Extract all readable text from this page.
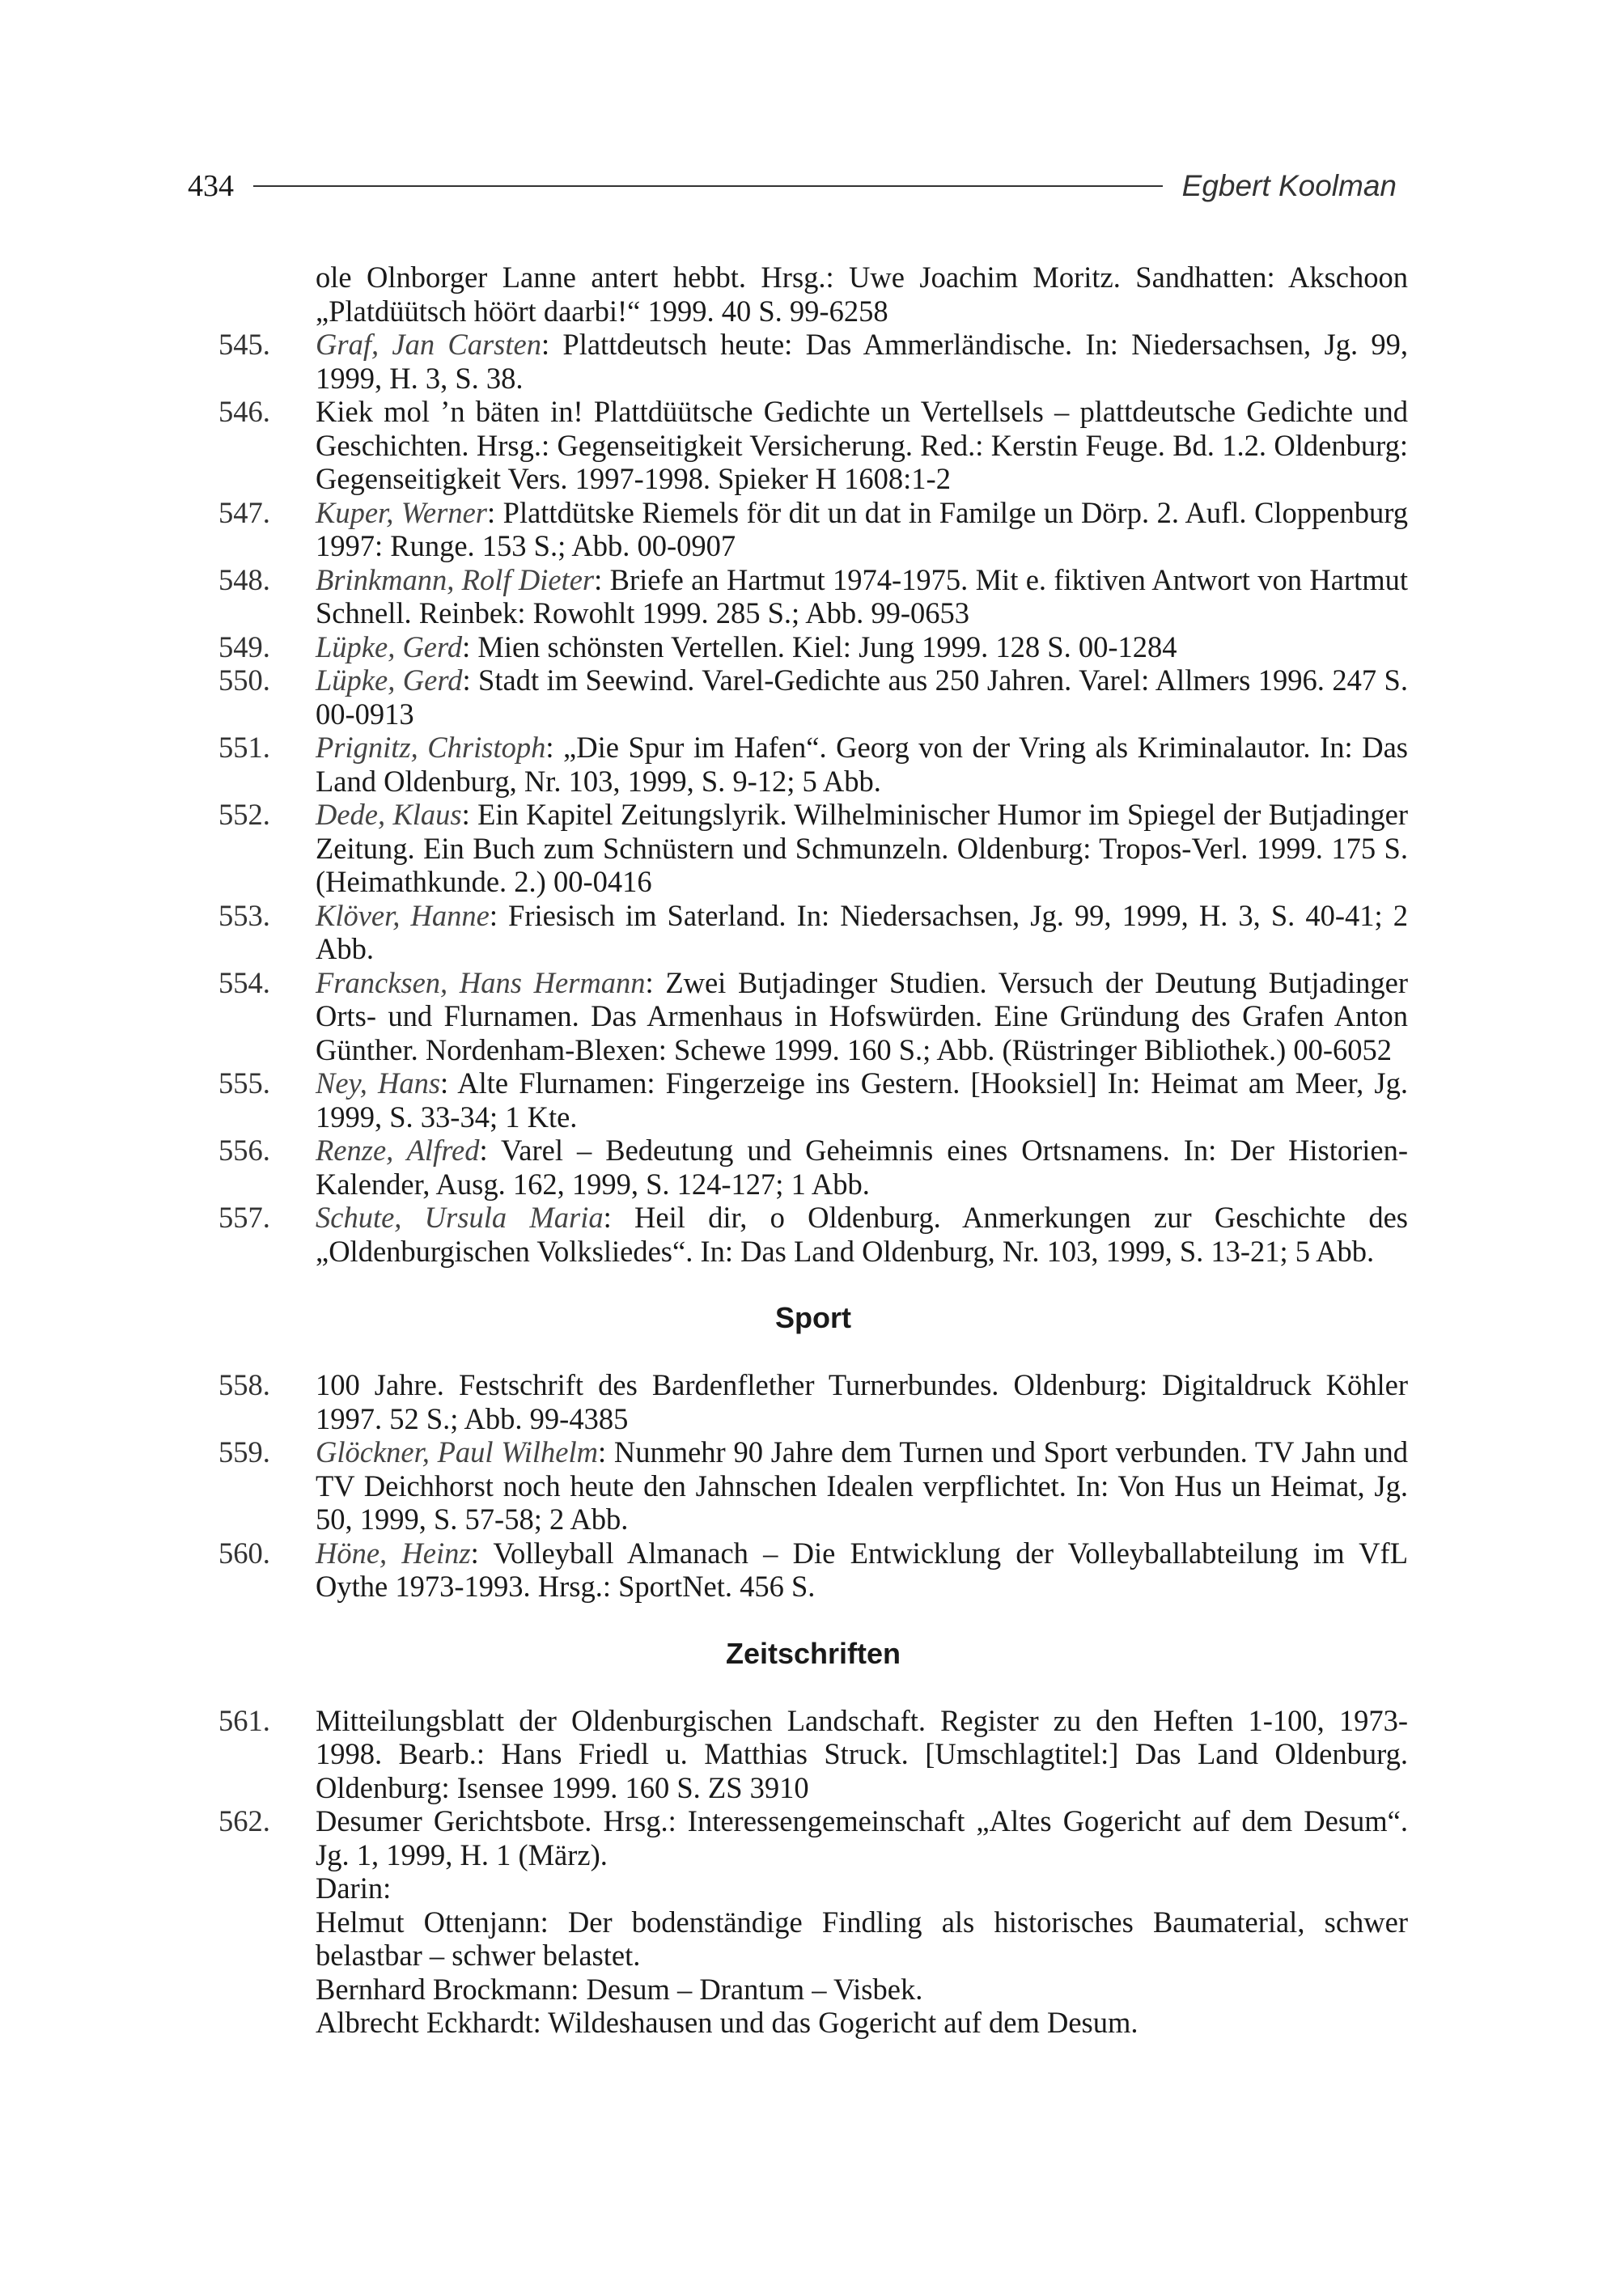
434	Egbert Koolman
ole Olnborger Lanne antert hebbt. Hrsg.: Uwe Joachim Moritz. Sandhatten: Akschoon „Platdüütsch höört daarbi!“ 1999. 40 S. 99-6258
545.	Graf, Jan Carsten: Plattdeutsch heute: Das Ammerländische. In: Niedersachsen, Jg. 99, 1999, H. 3, S. 38.
546.	Kiek mol ’n bäten in! Plattdüütsche Gedichte un Vertellsels – plattdeutsche Gedichte und Geschichten. Hrsg.: Gegenseitigkeit Versicherung. Red.: Kerstin Feuge. Bd. 1.2. Oldenburg: Gegenseitigkeit Vers. 1997-1998. Spieker H 1608:1-2
547.	Kuper, Werner: Plattdütske Riemels för dit un dat in Familge un Dörp. 2. Aufl. Cloppenburg 1997: Runge. 153 S.; Abb. 00-0907
548.	Brinkmann, Rolf Dieter: Briefe an Hartmut 1974-1975. Mit e. fiktiven Antwort von Hartmut Schnell. Reinbek: Rowohlt 1999. 285 S.; Abb. 99-0653
549.	Lüpke, Gerd: Mien schönsten Vertellen. Kiel: Jung 1999. 128 S. 00-1284
550.	Lüpke, Gerd: Stadt im Seewind. Varel-Gedichte aus 250 Jahren. Varel: Allmers 1996. 247 S. 00-0913
551.	Prignitz, Christoph: „Die Spur im Hafen“. Georg von der Vring als Kriminalautor. In: Das Land Oldenburg, Nr. 103, 1999, S. 9-12; 5 Abb.
552.	Dede, Klaus: Ein Kapitel Zeitungslyrik. Wilhelminischer Humor im Spiegel der Butjadinger Zeitung. Ein Buch zum Schnüstern und Schmunzeln. Oldenburg: Tropos-Verl. 1999. 175 S. (Heimathkunde. 2.) 00-0416
553.	Klöver, Hanne: Friesisch im Saterland. In: Niedersachsen, Jg. 99, 1999, H. 3, S. 40-41; 2 Abb.
554.	Francksen, Hans Hermann: Zwei Butjadinger Studien. Versuch der Deutung Butjadinger Orts- und Flurnamen. Das Armenhaus in Hofswürden. Eine Gründung des Grafen Anton Günther. Nordenham-Blexen: Schewe 1999. 160 S.; Abb. (Rüstringer Bibliothek.) 00-6052
555.	Ney, Hans: Alte Flurnamen: Fingerzeige ins Gestern. [Hooksiel] In: Heimat am Meer, Jg. 1999, S. 33-34; 1 Kte.
556.	Renze, Alfred: Varel – Bedeutung und Geheimnis eines Ortsnamens. In: Der Historien-Kalender, Ausg. 162, 1999, S. 124-127; 1 Abb.
557.	Schute, Ursula Maria: Heil dir, o Oldenburg. Anmerkungen zur Geschichte des „Oldenburgischen Volksliedes“. In: Das Land Oldenburg, Nr. 103, 1999, S. 13-21; 5 Abb.
Sport
558.	100 Jahre. Festschrift des Bardenflether Turnerbundes. Oldenburg: Digitaldruck Köhler 1997. 52 S.; Abb. 99-4385
559.	Glöckner, Paul Wilhelm: Nunmehr 90 Jahre dem Turnen und Sport verbunden. TV Jahn und TV Deichhorst noch heute den Jahnschen Idealen verpflichtet. In: Von Hus un Heimat, Jg. 50, 1999, S. 57-58; 2 Abb.
560.	Höne, Heinz: Volleyball Almanach – Die Entwicklung der Volleyballabteilung im VfL Oythe 1973-1993. Hrsg.: SportNet. 456 S.
Zeitschriften
561.	Mitteilungsblatt der Oldenburgischen Landschaft. Register zu den Heften 1-100, 1973-1998. Bearb.: Hans Friedl u. Matthias Struck. [Umschlagtitel:] Das Land Oldenburg. Oldenburg: Isensee 1999. 160 S. ZS 3910
562.	Desumer Gerichtsbote. Hrsg.: Interessengemeinschaft „Altes Gogericht auf dem Desum“. Jg. 1, 1999, H. 1 (März).
Darin:
Helmut Ottenjann: Der bodenständige Findling als historisches Baumaterial, schwer belastbar – schwer belastet.
Bernhard Brockmann: Desum – Drantum – Visbek.
Albrecht Eckhardt: Wildeshausen und das Gogericht auf dem Desum.
